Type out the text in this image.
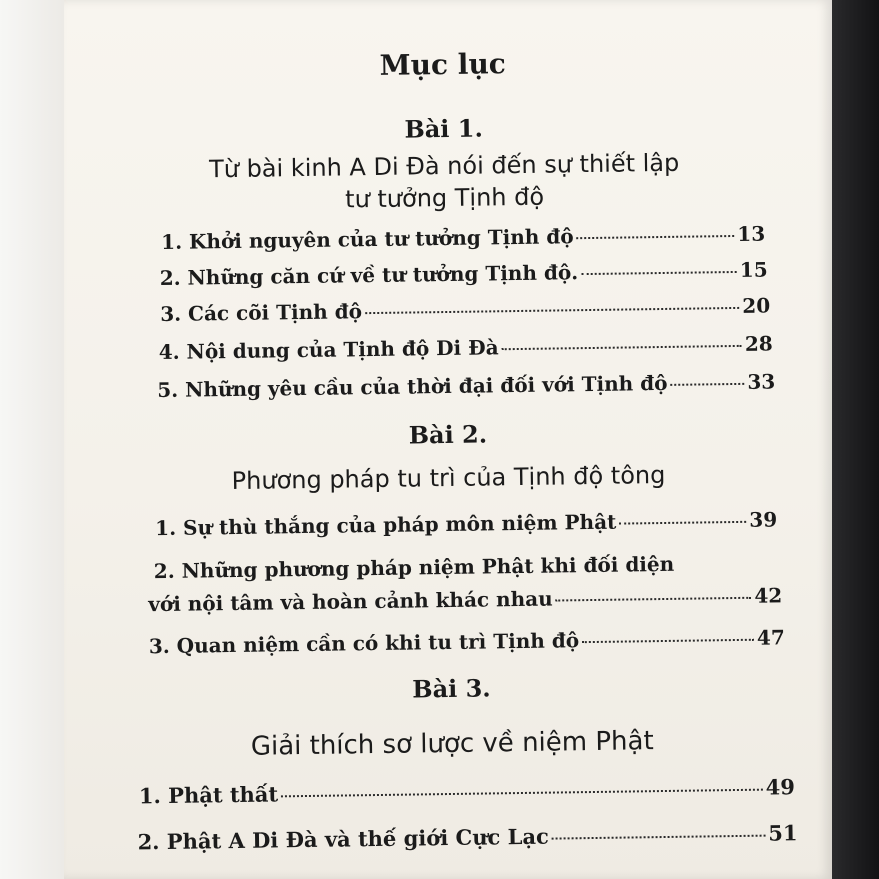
Mục lục
Bài 1.
Từ bài kinh A Di Đà nói đến sự thiết lập
tư tưởng Tịnh độ
1. Khởi nguyên của tư tưởng Tịnh độ	13
2. Những căn cứ về tư tưởng Tịnh độ.	15
3. Các cõi Tịnh độ	20
4. Nội dung của Tịnh độ Di Đà	28
5. Những yêu cầu của thời đại đối với Tịnh độ	33
Bài 2.
Phương pháp tu trì của Tịnh độ tông
1. Sự thù thắng của pháp môn niệm Phật	39
2. Những phương pháp niệm Phật khi đối diện
với nội tâm và hoàn cảnh khác nhau	42
3. Quan niệm cần có khi tu trì Tịnh độ	47
Bài 3.
Giải thích sơ lược về niệm Phật
1. Phật thất	49
2. Phật A Di Đà và thế giới Cực Lạc	51
